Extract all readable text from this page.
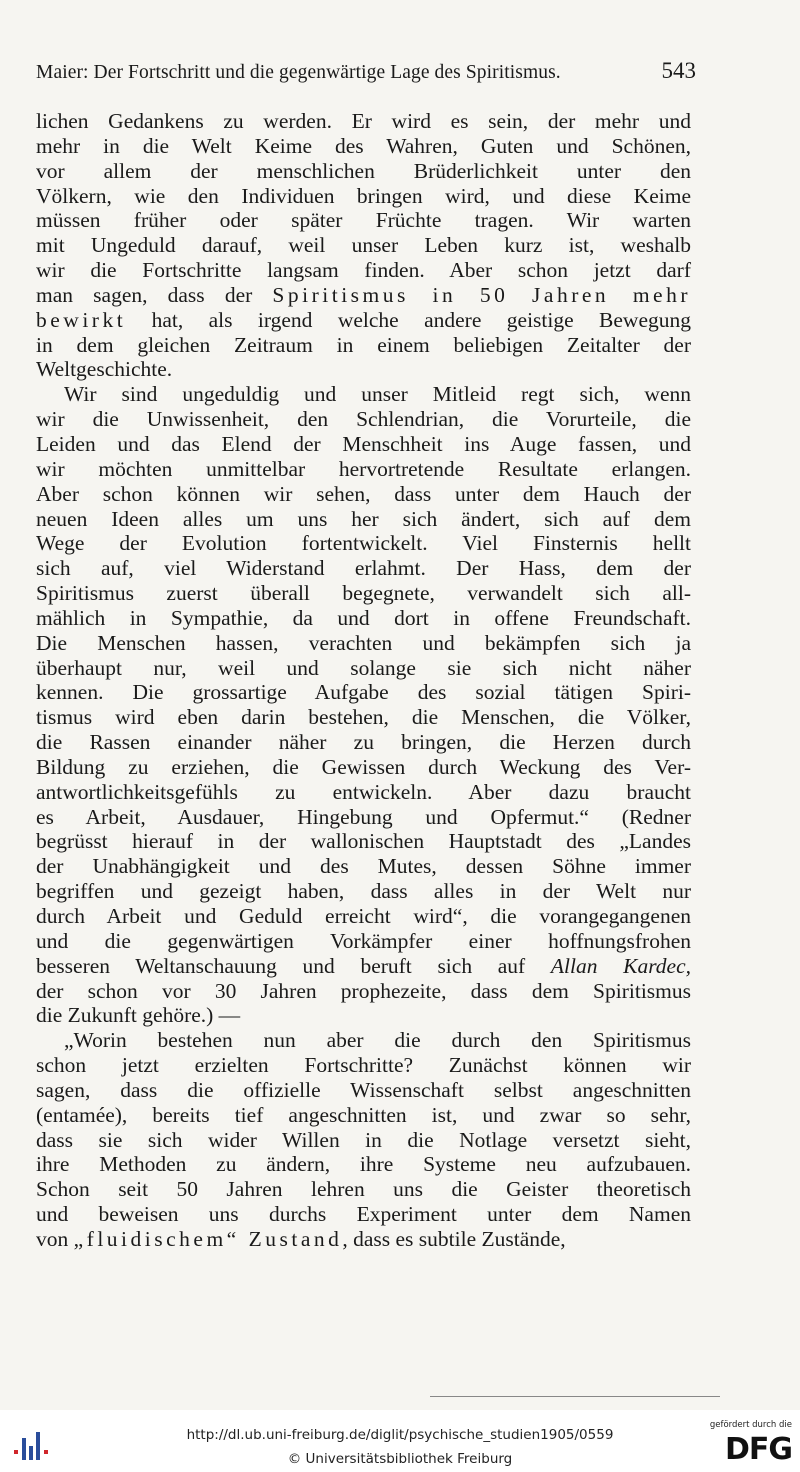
Maier: Der Fortschritt und die gegenwärtige Lage des Spiritismus.	543
lichen Gedankens zu werden. Er wird es sein, der mehr und
mehr in die Welt Keime des Wahren, Guten und Schönen,
vor allem der menschlichen Brüderlichkeit unter den
Völkern, wie den Individuen bringen wird, und diese Keime
müssen früher oder später Früchte tragen. Wir warten
mit Ungeduld darauf, weil unser Leben kurz ist, weshalb
wir die Fortschritte langsam finden. Aber schon jetzt darf
man sagen, dass der Spiritismus in 50 Jahren mehr
bewirkt hat, als irgend welche andere geistige Bewegung
in dem gleichen Zeitraum in einem beliebigen Zeitalter der
Weltgeschichte.
Wir sind ungeduldig und unser Mitleid regt sich, wenn
wir die Unwissenheit, den Schlendrian, die Vorurteile, die
Leiden und das Elend der Menschheit ins Auge fassen, und
wir möchten unmittelbar hervortretende Resultate erlangen.
Aber schon können wir sehen, dass unter dem Hauch der
neuen Ideen alles um uns her sich ändert, sich auf dem
Wege der Evolution fortentwickelt. Viel Finsternis hellt
sich auf, viel Widerstand erlahmt. Der Hass, dem der
Spiritismus zuerst überall begegnete, verwandelt sich all-
mählich in Sympathie, da und dort in offene Freundschaft.
Die Menschen hassen, verachten und bekämpfen sich ja
überhaupt nur, weil und solange sie sich nicht näher
kennen. Die grossartige Aufgabe des sozial tätigen Spiri-
tismus wird eben darin bestehen, die Menschen, die Völker,
die Rassen einander näher zu bringen, die Herzen durch
Bildung zu erziehen, die Gewissen durch Weckung des Ver-
antwortlichkeitsgefühls zu entwickeln. Aber dazu braucht
es Arbeit, Ausdauer, Hingebung und Opfermut.“ (Redner
begrüsst hierauf in der wallonischen Hauptstadt des „Landes
der Unabhängigkeit und des Mutes, dessen Söhne immer
begriffen und gezeigt haben, dass alles in der Welt nur
durch Arbeit und Geduld erreicht wird“, die vorangegangenen
und die gegenwärtigen Vorkämpfer einer hoffnungsfrohen
besseren Weltanschauung und beruft sich auf Allan Kardec,
der schon vor 30 Jahren prophezeite, dass dem Spiritismus
die Zukunft gehöre.) —
„Worin bestehen nun aber die durch den Spiritismus
schon jetzt erzielten Fortschritte? Zunächst können wir
sagen, dass die offizielle Wissenschaft selbst angeschnitten
(entamée), bereits tief angeschnitten ist, und zwar so sehr,
dass sie sich wider Willen in die Notlage versetzt sieht,
ihre Methoden zu ändern, ihre Systeme neu aufzubauen.
Schon seit 50 Jahren lehren uns die Geister theoretisch
und beweisen uns durchs Experiment unter dem Namen
von „fluidischem“ Zustand, dass es subtile Zustände,
http://dl.ub.uni-freiburg.de/diglit/psychische_studien1905/0559
© Universitätsbibliothek Freiburg
gefördert durch die
DFG
